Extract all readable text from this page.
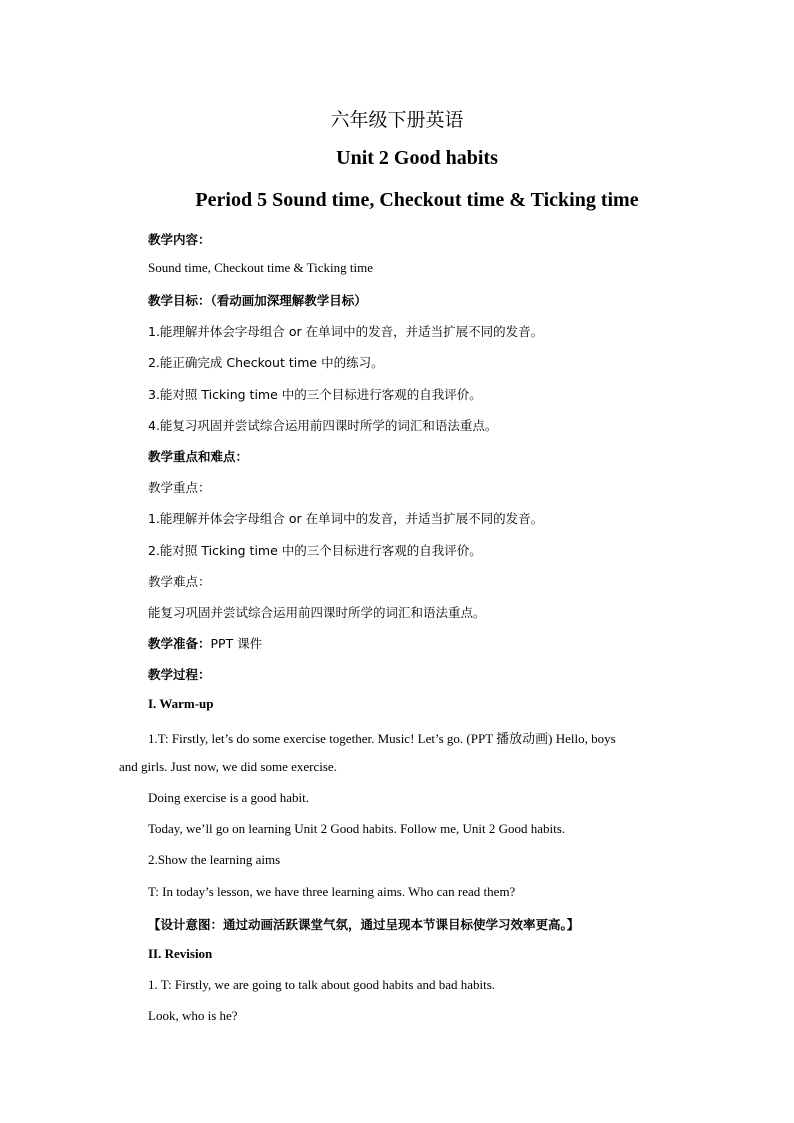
六年级下册英语

Unit 2 Good habits

Period 5 Sound time, Checkout time & Ticking time

教学内容：

Sound time, Checkout time & Ticking time

教学目标：（看动画加深理解教学目标）

1.能理解并体会字母组合 or 在单词中的发音，并适当扩展不同的发音。

2.能正确完成 Checkout time 中的练习。

3.能对照 Ticking time 中的三个目标进行客观的自我评价。

4.能复习巩固并尝试综合运用前四课时所学的词汇和语法重点。

教学重点和难点：

教学重点：

1.能理解并体会字母组合 or 在单词中的发音，并适当扩展不同的发音。

2.能对照 Ticking time 中的三个目标进行客观的自我评价。

教学难点：

能复习巩固并尝试综合运用前四课时所学的词汇和语法重点。

教学准备：PPT 课件

教学过程：

I. Warm-up

1.T: Firstly, let’s do some exercise together. Music! Let’s go. (PPT 播放动画) Hello, boys

and girls. Just now, we did some exercise.

Doing exercise is a good habit.

Today, we’ll go on learning Unit 2 Good habits. Follow me, Unit 2 Good habits.

2.Show the learning aims

T: In today’s lesson, we have three learning aims. Who can read them?

【设计意图：通过动画活跃课堂气氛，通过呈现本节课目标使学习效率更高。】

II. Revision

1. T: Firstly, we are going to talk about good habits and bad habits.

Look, who is he?
